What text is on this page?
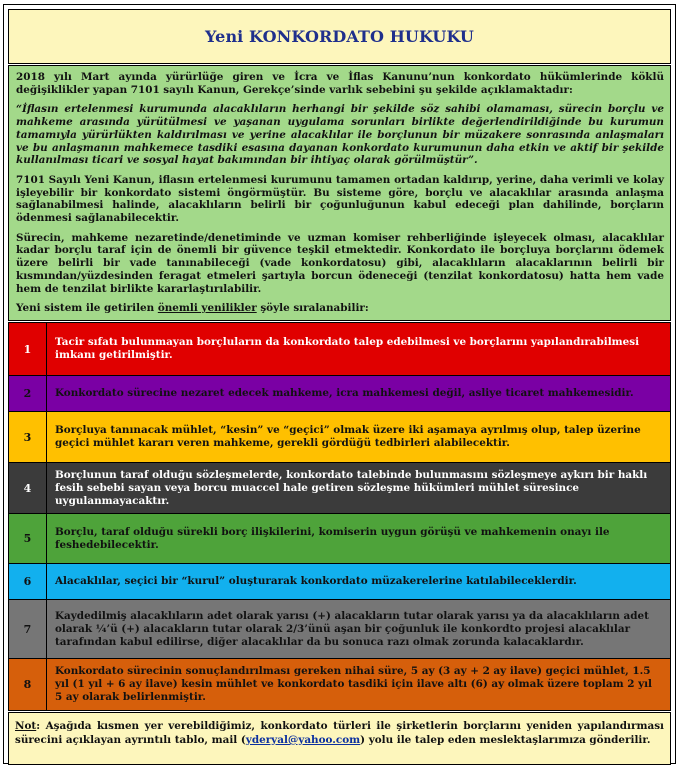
Yeni KONKORDATO HUKUKU

2018 yılı Mart ayında yürürlüğe giren ve İcra ve İflas Kanunu’nun konkordato hükümlerinde köklü değişiklikler yapan 7101 sayılı Kanun, Gerekçe’sinde varlık sebebini şu şekilde açıklamaktadır:

“İflasın ertelenmesi kurumunda alacaklıların herhangi bir şekilde söz sahibi olamaması, sürecin borçlu ve mahkeme arasında yürütülmesi ve yaşanan uygulama sorunları birlikte değerlendirildiğinde bu kurumun tamamıyla yürürlükten kaldırılması ve yerine alacaklılar ile borçlunun bir müzakere sonrasında anlaşmaları ve bu anlaşmanın mahkemece tasdiki esasına dayanan konkordato kurumunun daha etkin ve aktif bir şekilde kullanılması ticari ve sosyal hayat bakımından bir ihtiyaç olarak görülmüştür”.

7101 Sayılı Yeni Kanun, iflasın ertelenmesi kurumunu tamamen ortadan kaldırıp, yerine, daha verimli ve kolay işleyebilir bir konkordato sistemi öngörmüştür. Bu sisteme göre, borçlu ve alacaklılar arasında anlaşma sağlanabilmesi halinde, alacaklıların belirli bir çoğunluğunun kabul edeceği plan dahilinde, borçların ödenmesi sağlanabilecektir.

Sürecin, mahkeme nezaretinde/denetiminde ve uzman komiser rehberliğinde işleyecek olması, alacaklılar kadar borçlu taraf için de önemli bir güvence teşkil etmektedir. Konkordato ile borçluya borçlarını ödemek üzere belirli bir vade tanınabileceği (vade konkordatosu) gibi, alacaklıların alacaklarının belirli bir kısmından/yüzdesinden feragat etmeleri şartıyla borcun ödeneceği (tenzilat konkordatosu) hatta hem vade hem de tenzilat birlikte kararlaştırılabilir.

Yeni sistem ile getirilen önemli yenilikler şöyle sıralanabilir:

1
Tacir sıfatı bulunmayan borçluların da konkordato talep edebilmesi ve borçlarını yapılandırabilmesi imkanı getirilmiştir.
2	Konkordato sürecine nezaret edecek mahkeme, icra mahkemesi değil, asliye ticaret mahkemesidir.
3
Borçluya tanınacak mühlet, “kesin” ve “geçici” olmak üzere iki aşamaya ayrılmış olup, talep üzerine geçici mühlet kararı veren mahkeme, gerekli gördüğü tedbirleri alabilecektir.
4
Borçlunun taraf olduğu sözleşmelerde, konkordato talebinde bulunmasını sözleşmeye aykırı bir haklı fesih sebebi sayan veya borcu muaccel hale getiren sözleşme hükümleri mühlet süresince uygulanmayacaktır.
5
Borçlu, taraf olduğu sürekli borç ilişkilerini, komiserin uygun görüşü ve mahkemenin onayı ile feshedebilecektir.
6	Alacaklılar, seçici bir “kurul” oluşturarak konkordato müzakerelerine katılabileceklerdir.
7
Kaydedilmiş alacaklıların adet olarak yarısı (+) alacakların tutar olarak yarısı ya da alacaklıların adet olarak ¼’ü (+) alacakların tutar olarak 2/3’ünü aşan bir çoğunluk ile konkordto projesi alacaklılar tarafından kabul edilirse, diğer alacaklılar da bu sonuca razı olmak zorunda kalacaklardır.
8
Konkordato sürecinin sonuçlandırılması gereken nihai süre, 5 ay (3 ay + 2 ay ilave) geçici mühlet, 1.5 yıl (1 yıl + 6 ay ilave) kesin mühlet ve konkordato tasdiki için ilave altı (6) ay olmak üzere toplam 2 yıl 5 ay olarak belirlenmiştir.
Not: Aşağıda kısmen yer verebildiğimiz, konkordato türleri ile şirketlerin borçlarını yeniden yapılandırması sürecini açıklayan ayrıntılı tablo, mail (yderyal@yahoo.com) yolu ile talep eden meslektaşlarımıza gönderilir.
